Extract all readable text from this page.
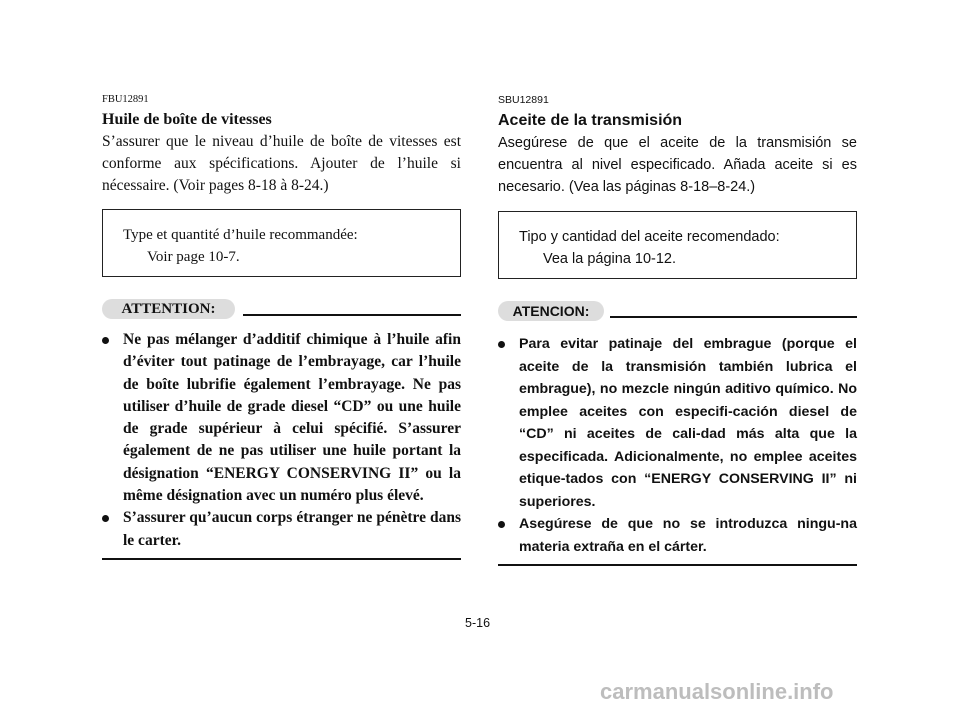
FBU12891
Huile de boîte de vitesses
S’assurer que le niveau d’huile de boîte de vitesses est conforme aux spécifications. Ajouter de l’huile si nécessaire. (Voir pages 8-18 à 8-24.)
Type et quantité d’huile recommandée:
Voir page 10-7.
ATTENTION:
Ne pas mélanger d’additif chimique à l’huile afin d’éviter tout patinage de l’embrayage, car l’huile de boîte lubrifie également l’embrayage. Ne pas utiliser d’huile de grade diesel “CD” ou une huile de grade supérieur à celui spécifié. S’assurer également de ne pas utiliser une huile portant la désignation “ENERGY CONSERVING II” ou la même désignation avec un numéro plus élevé.
S’assurer qu’aucun corps étranger ne pénètre dans le carter.
SBU12891
Aceite de la transmisión
Asegúrese de que el aceite de la transmisión se encuentra al nivel especificado. Añada aceite si es necesario. (Vea las páginas 8-18–8-24.)
Tipo y cantidad del aceite recomendado:
Vea la página 10-12.
ATENCION:
Para evitar patinaje del embrague (porque el aceite de la transmisión también lubrica el embrague), no mezcle ningún aditivo químico. No emplee aceites con especifi-cación diesel de “CD” ni aceites de cali-dad más alta que la especificada. Adicionalmente, no emplee aceites etique-tados con “ENERGY CONSERVING II” ni superiores.
Asegúrese de que no se introduzca ningu-na materia extraña en el cárter.
5-16
carmanualsonline.info
